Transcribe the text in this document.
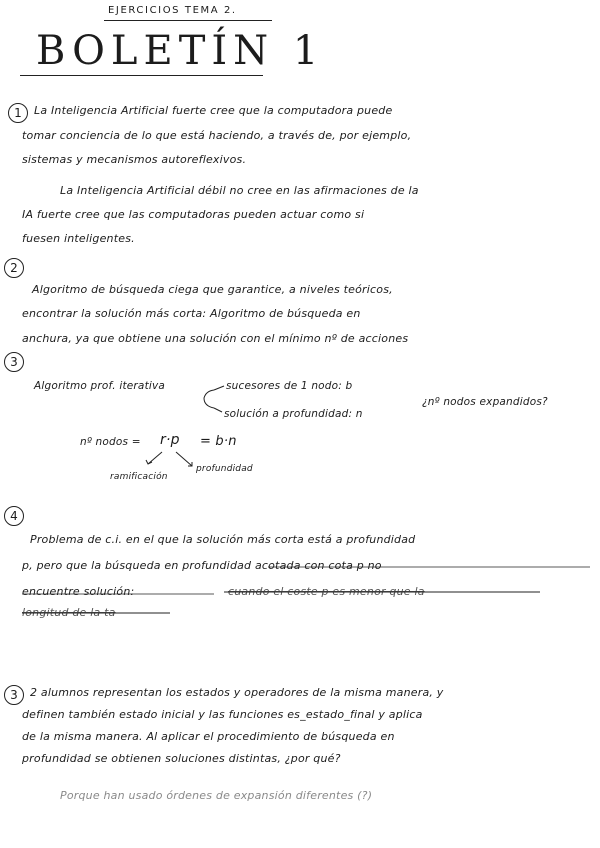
EJERCICIOS TEMA 2.
BOLETÍN 1
1	La Inteligencia Artificial fuerte cree que la computadora puede
tomar conciencia de lo que está haciendo, a través de, por ejemplo,
sistemas y mecanismos autoreflexivos.
La Inteligencia Artificial débil no cree en las afirmaciones de la
IA fuerte cree que las computadoras pueden actuar como si
fuesen inteligentes.
2
Algoritmo de búsqueda ciega que garantice, a niveles teóricos,
encontrar la solución más corta: Algoritmo de búsqueda en
anchura, ya que obtiene una solución con el mínimo nº de acciones
3
Algoritmo prof. iterativa	sucesores de 1 nodo: b
solución a profundidad: n
¿nº nodos expandidos?
nº nodos = r·p = b·n
ramificación
profundidad
4
Problema de c.i. en el que la solución más corta está a profundidad
p, pero que la búsqueda en profundidad acotada con cota p no
encuentre solución:	cuando el coste p es menor que la
longitud de la ta
3	2 alumnos representan los estados y operadores de la misma manera, y
definen también estado inicial y las funciones es_estado_final y aplica
de la misma manera. Al aplicar el procedimiento de búsqueda en
profundidad se obtienen soluciones distintas, ¿por qué?
Porque han usado órdenes de expansión diferentes (?)
